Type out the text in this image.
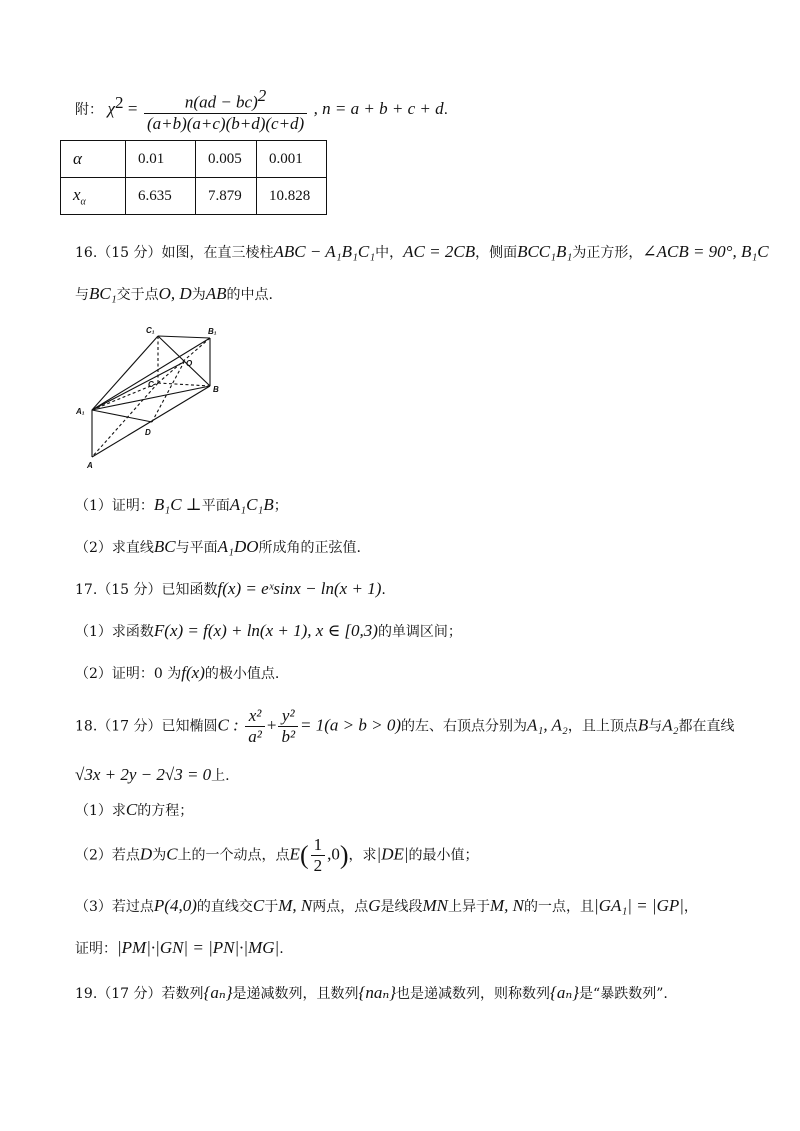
附： $\chi^2 = \frac{n(ad - bc)^2}{(a+b)(a+c)(b+d)(c+d)}$ , n = a + b + c + d.
α	0.01	0.005	0.001
$x_\alpha$	6.635	7.879	10.828
16.（15 分）如图，在直三棱柱ABC − A₁B₁C₁中，AC = 2CB，侧面BCC₁B₁为正方形，∠ACB = 90°, B₁C
与BC₁交于点O, D为AB的中点.
C₁	B₁
O
C
B
A₁
D
A
（1）证明：B₁C ⊥平面A₁C₁B；
（2）求直线BC与平面A₁DO所成角的正弦值.
17.（15 分）已知函数f(x) = eˣsinx − ln(x + 1).
（1）求函数F(x) = f(x) + ln(x + 1), x ∈ [0,3)的单调区间；
（2）证明：0 为f(x)的极小值点.
18.（17 分）已知椭圆C : $\frac{\text{x²}}{\text{a²}} + \frac{\text{y²}}{\text{b²}} = 1(a > b > 0)$的左、右顶点分别为A₁, A₂，且上顶点B与A₂都在直线
√3x + 2y − 2√3 = 0上.
（1）求C的方程；
（2）若点D为C上的一个动点，点$E( \frac{1}{2} ,0)$，求|DE|的最小值；
（3）若过点P(4,0)的直线交C于M, N两点，点G是线段MN上异于M, N的一点，且|GA₁| = |GP|，
证明：|PM|·|GN| = |PN|·|MG|.
19.（17 分）若数列{aₙ}是递减数列，且数列{naₙ}也是递减数列，则称数列{aₙ}是“暴跌数列”.
